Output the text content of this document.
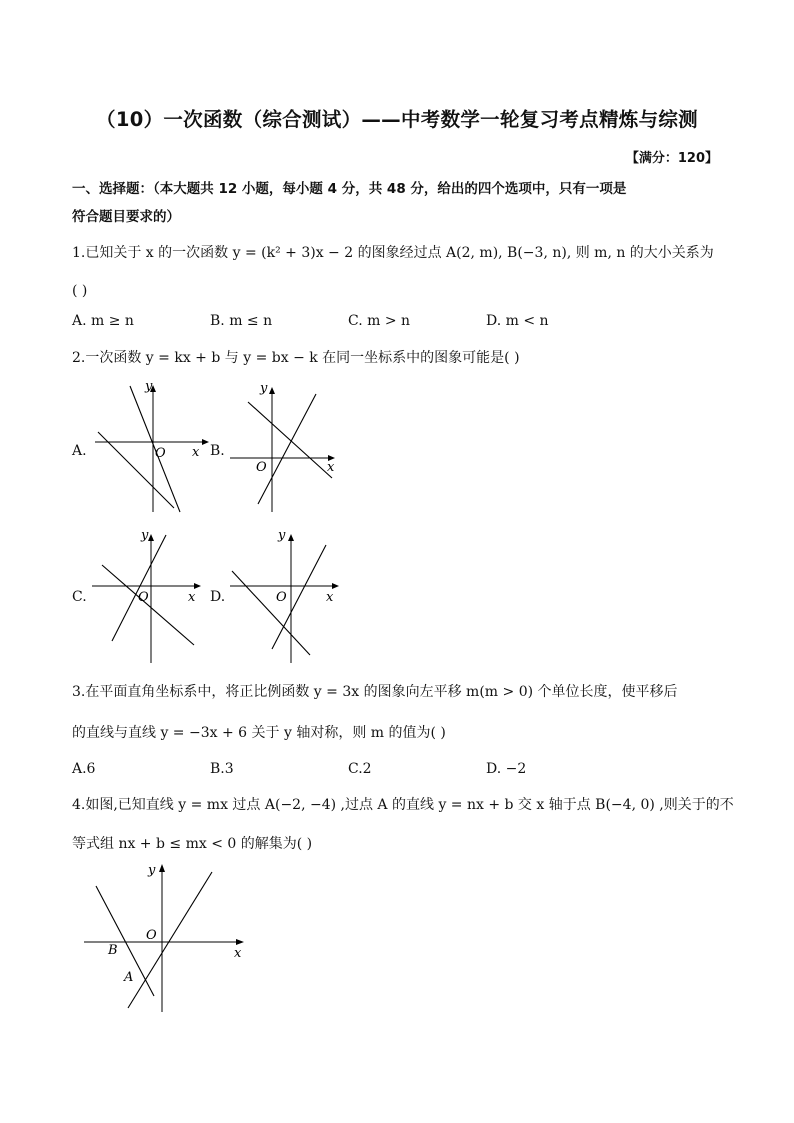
（10）一次函数（综合测试）——中考数学一轮复习考点精炼与综测
【满分：120】
一、选择题：（本大题共 12 小题，每小题 4 分，共 48 分，给出的四个选项中，只有一项是
符合题目要求的）
1.已知关于 x 的一次函数 y = (k² + 3)x − 2 的图象经过点 A(2, m), B(−3, n), 则 m, n 的大小关系为
( )
A. m ≥ n	B. m ≤ n	C. m > n	D. m < n
2.一次函数 y = kx + b 与 y = bx − k 在同一坐标系中的图象可能是( )
A.
y
x
O	B.
y
x
O
C.
y
x
O	D.
y
x
O
3.在平面直角坐标系中，将正比例函数 y = 3x 的图象向左平移 m(m > 0) 个单位长度，使平移后
的直线与直线 y = −3x + 6 关于 y 轴对称，则 m 的值为( )
A.6	B.3	C.2	D. −2
4.如图,已知直线 y = mx 过点 A(−2, −4) ,过点 A 的直线 y = nx + b 交 x 轴于点 B(−4, 0) ,则关于的不
等式组 nx + b ≤ mx < 0 的解集为( )
y
x
O
B
A
